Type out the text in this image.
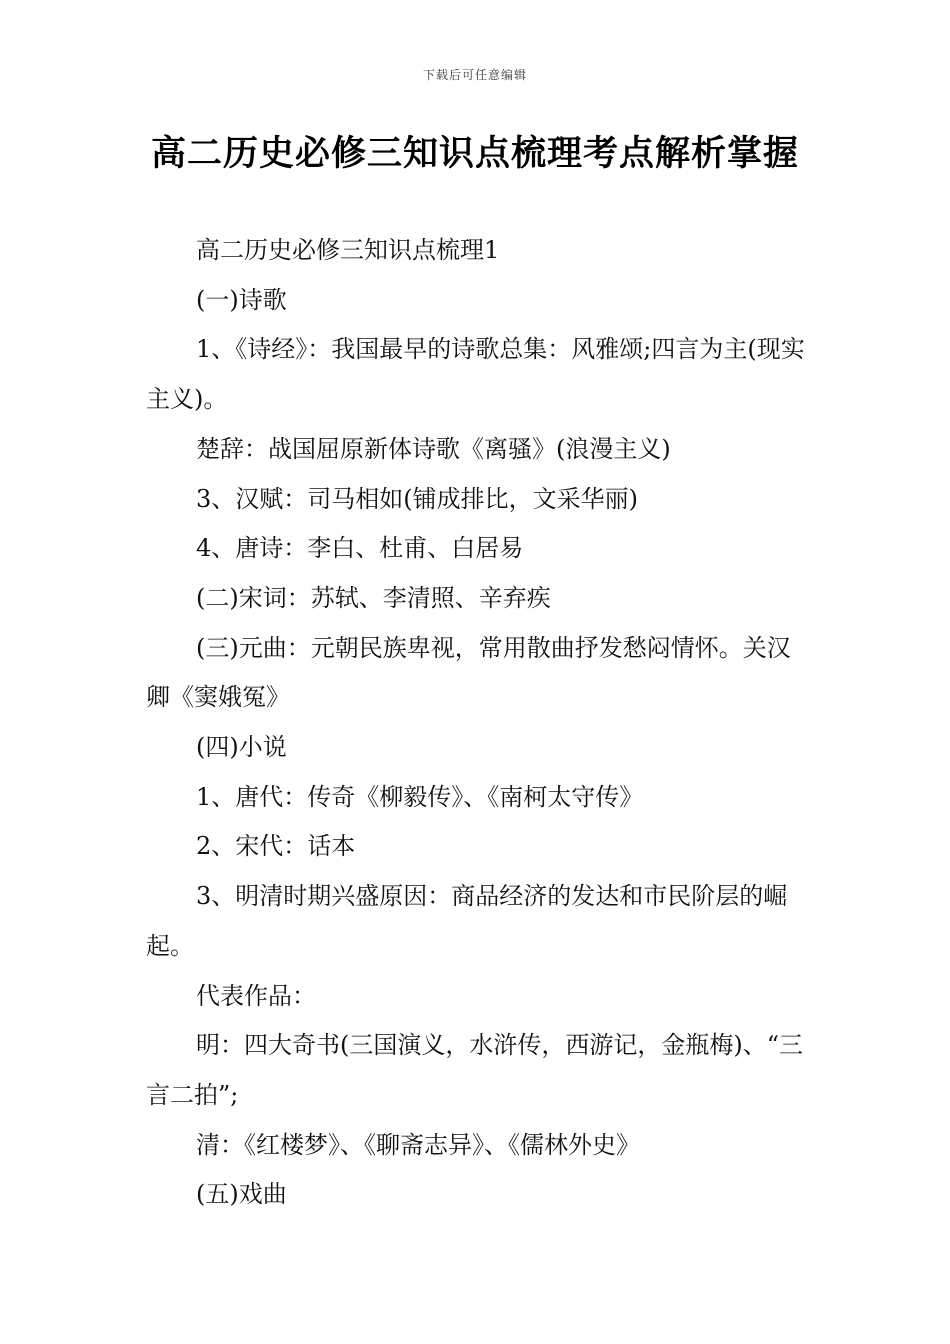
下载后可任意编辑
高二历史必修三知识点梳理考点解析掌握

高二历史必修三知识点梳理1

(一)诗歌

1、《诗经》：我国最早的诗歌总集：风雅颂;四言为主(现实主义)。

楚辞：战国屈原新体诗歌《离骚》(浪漫主义)

3、汉赋：司马相如(铺成排比，文采华丽)

4、唐诗：李白、杜甫、白居易

(二)宋词：苏轼、李清照、辛弃疾

(三)元曲：元朝民族卑视，常用散曲抒发愁闷情怀。关汉卿《窦娥冤》

(四)小说

1、唐代：传奇《柳毅传》、《南柯太守传》

2、宋代：话本

3、明清时期兴盛原因：商品经济的发达和市民阶层的崛起。

代表作品：

明：四大奇书(三国演义，水浒传，西游记，金瓶梅)、“三言二拍”;

清：《红楼梦》、《聊斋志异》、《儒林外史》

(五)戏曲
